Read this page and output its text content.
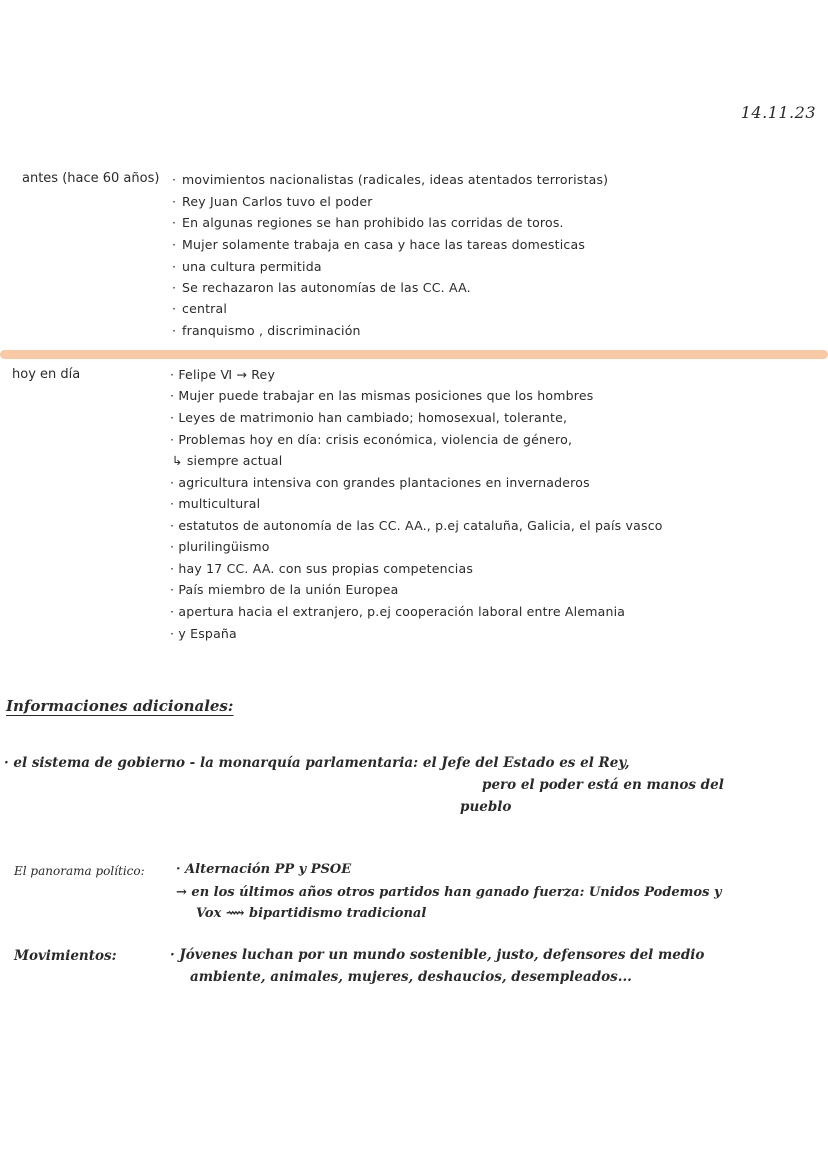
14.11.23
antes (hace 60 años) · movimientos nacionalistas (radicales, ideas atentados terroristas)
· Rey Juan Carlos tuvo el poder
· En algunas regiones se han prohibido las corridas de toros.
· Mujer solamente trabaja en casa y hace las tareas domesticas
· una cultura permitida
· Se rechazaron las autonomías de las CC. AA.
· central
· franquismo , discriminación
hoy en día	· Felipe Ⅵ → Rey
· Mujer puede trabajar en las mismas posiciones que los hombres
· Leyes de matrimonio han cambiado; homosexual, tolerante,
· Problemas hoy en día: crisis económica, violencia de género,
↳ siempre actual
· agricultura intensiva con grandes plantaciones en invernaderos
· multicultural
· estatutos de autonomía de las CC. AA., p.ej cataluña, Galicia, el país vasco
· plurilingüismo
· hay 17 CC. AA. con sus propias competencias
· País miembro de la unión Europea
· apertura hacia el extranjero, p.ej cooperación laboral entre Alemania
· y España
Informaciones adicionales:
· el sistema de gobierno - la monarquía parlamentaria: el Jefe del Estado es el Rey,
pero el poder está en manos del
pueblo
El panorama político: · Alternación PP y PSOE
→ en los últimos años otros partidos han ganado fuerza: Unidos Podemos y
Vox ⟿ bipartidismo tradicional
Movimientos:	· Jóvenes luchan por un mundo sostenible, justo, defensores del medio
ambiente, animales, mujeres, deshaucios, desempleados...
